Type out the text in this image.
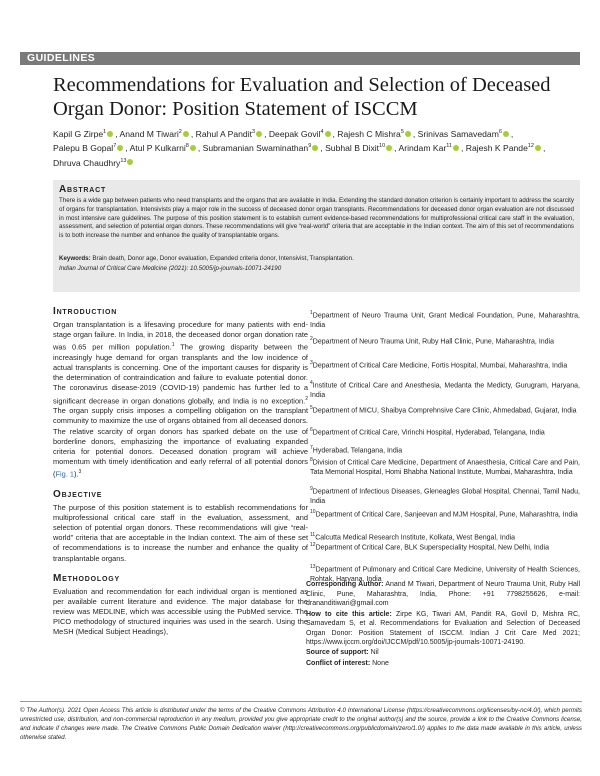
GUIDELINES
Recommendations for Evaluation and Selection of Deceased Organ Donor: Position Statement of ISCCM
Kapil G Zirpe$^1$ , Anand M Tiwari$^2$ , Rahul A Pandit$^3$ , Deepak Govil$^4$ , Rajesh C Mishra$^5$ , Srinivas Samavedam$^6$ ,
Palepu B Gopal$^7$ , Atul P Kulkarni$^8$ , Subramanian Swaminathan$^9$ , Subhal B Dixit$^{10}$ , Arindam Kar$^{11}$ , Rajesh K Pande$^{12}$ ,
Dhruva Chaudhry$^{13}$
Abstract
There is a wide gap between patients who need transplants and the organs that are available in India. Extending the standard donation criterion is certainly important to address the scarcity of organs for transplantation. Intensivists play a major role in the success of deceased donor organ transplants. Recommendations for deceased donor organ evaluation are not discussed in most intensive care guidelines. The purpose of this position statement is to establish current evidence-based recommendations for multiprofessional critical care staff in the evaluation, assessment, and selection of potential organ donors. These recommendations will give “real-world” criteria that are acceptable in the Indian context. The aim of this set of recommendations is to both increase the number and enhance the quality of transplantable organs.
Keywords: Brain death, Donor age, Donor evaluation, Expanded criteria donor, Intensivist, Transplantation.
Indian Journal of Critical Care Medicine (2021): 10.5005/jp-journals-10071-24190
Introduction

Organ transplantation is a lifesaving procedure for many patients with end-stage organ failure. In India, in 2018, the deceased donor organ donation rate was 0.65 per million population.$^1$ The growing disparity between the increasingly huge demand for organ transplants and the low incidence of actual transplants is concerning. One of the important causes for disparity is the determination of contraindication and failure to evaluate potential donor. The coronavirus disease-2019 (COVID-19) pandemic has further led to a significant decrease in organ donations globally, and India is no exception.$^2$ The organ supply crisis imposes a compelling obligation on the transplant community to maximize the use of organs obtained from all deceased donors. The relative scarcity of organ donors has sparked debate on the use of borderline donors, emphasizing the importance of evaluating expanded criteria for potential donors. Deceased donation program will achieve momentum with timely identification and early referral of all potential donors (Fig. 1).$^3$

Objective

The purpose of this position statement is to establish recommendations for multiprofessional critical care staff in the evaluation, assessment, and selection of potential organ donors. These recommendations will give “real-world” criteria that are acceptable in the Indian context. The aim of these set of recommendations is to increase the number and enhance the quality of transplantable organs.

Methodology

Evaluation and recommendation for each individual organ is mentioned as per available current literature and evidence. The major database for the review was MEDLINE, which was accessible using the PubMed service. The PICO methodology of structured inquiries was used in the search. Using the MeSH (Medical Subject Headings),

$^1$Department of Neuro Trauma Unit, Grant Medical Foundation, Pune, Maharashtra, India
$^2$Department of Neuro Trauma Unit, Ruby Hall Clinic, Pune, Maharashtra, India
$^3$Department of Critical Care Medicine, Fortis Hospital, Mumbai, Maharashtra, India
$^4$Institute of Critical Care and Anesthesia, Medanta the Medicty, Gurugram, Haryana, India
$^5$Department of MICU, Shaibya Comprehnsive Care Clinic, Ahmedabad, Gujarat, India
$^6$Department of Critical Care, Virinchi Hospital, Hyderabad, Telangana, India
$^7$Hyderabad, Telangana, India
$^8$Division of Critical Care Medicine, Department of Anaesthesia, Critical Care and Pain, Tata Memorial Hospital, Homi Bhabha National Institute, Mumbai, Maharashtra, India
$^9$Department of Infectious Diseases, Gleneagles Global Hospital, Chennai, Tamil Nadu, India
$^{10}$Department of Critical Care, Sanjeevan and MJM Hospital, Pune, Maharashtra, India
$^{11}$Calcutta Medical Research Institute, Kolkata, West Bengal, India
$^{12}$Department of Critical Care, BLK Superspeciality Hospital, New Delhi, India
$^{13}$Department of Pulmonary and Critical Care Medicine, University of Health Sciences, Rohtak, Haryana, India
Corresponding Author: Anand M Tiwari, Department of Neuro Trauma Unit, Ruby Hall Clinic, Pune, Maharashtra, India, Phone: +91 7798255626, e-mail: drananditiwari@gmail.com
How to cite this article: Zirpe KG, Tiwari AM, Pandit RA, Govil D, Mishra RC, Samavedam S, et al. Recommendations for Evaluation and Selection of Deceased Organ Donor: Position Statement of ISCCM. Indian J Crit Care Med 2021; https://www.ijccm.org/doi/IJCCM/pdf/10.5005/jp-journals-10071-24190.
Source of support: Nil
Conflict of interest: None
© The Author(s). 2021 Open Access This article is distributed under the terms of the Creative Commons Attribution 4.0 International License (https://creativecommons.org/licenses/by-nc/4.0/), which permits unrestricted use, distribution, and non-commercial reproduction in any medium, provided you give appropriate credit to the original author(s) and the source, provide a link to the Creative Commons license, and indicate if changes were made. The Creative Commons Public Domain Dedication waiver (http://creativecommons.org/publicdomain/zero/1.0/) applies to the data made available in this article, unless otherwise stated.
